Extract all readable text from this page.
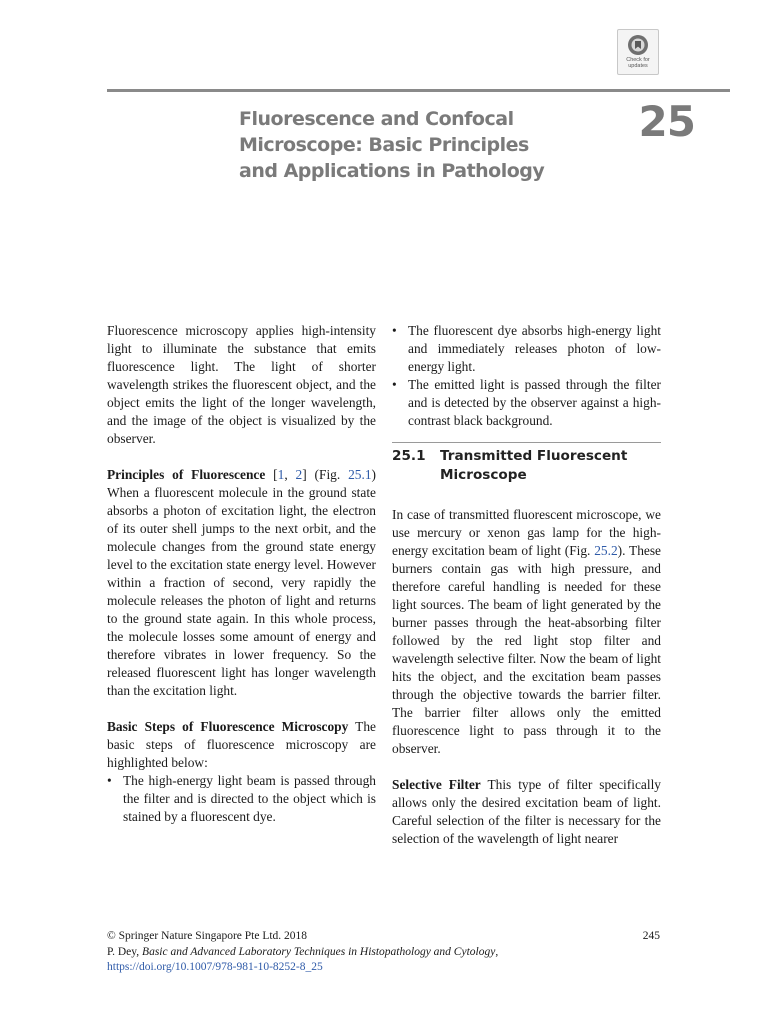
Check for
updates
Fluorescence and Confocal
Microscope: Basic Principles
and Applications in Pathology
25

Fluorescence microscopy applies high-intensity light to illuminate the substance that emits fluorescence light. The light of shorter wavelength strikes the fluorescent object, and the object emits the light of the longer wavelength, and the image of the object is visualized by the observer.

Principles of Fluorescence [1, 2] (Fig. 25.1) When a fluorescent molecule in the ground state absorbs a photon of excitation light, the electron of its outer shell jumps to the next orbit, and the molecule changes from the ground state energy level to the excitation state energy level. However within a fraction of second, very rapidly the molecule releases the photon of light and returns to the ground state again. In this whole process, the molecule losses some amount of energy and therefore vibrates in lower frequency. So the released fluorescent light has longer wavelength than the excitation light.

Basic Steps of Fluorescence Microscopy The basic steps of fluorescence microscopy are highlighted below:

• The high-energy light beam is passed through the filter and is directed to the object which is stained by a fluorescent dye.
• The fluorescent dye absorbs high-energy light and immediately releases photon of low-energy light.
• The emitted light is passed through the filter and is detected by the observer against a high-contrast black background.
25.1	Transmitted Fluorescent
Microscope

In case of transmitted fluorescent microscope, we use mercury or xenon gas lamp for the high-energy excitation beam of light (Fig. 25.2). These burners contain gas with high pressure, and therefore careful handling is needed for these light sources. The beam of light generated by the burner passes through the heat-absorbing filter followed by the red light stop filter and wavelength selective filter. Now the beam of light hits the object, and the excitation beam passes through the objective towards the barrier filter. The barrier filter allows only the emitted fluorescence light to pass through it to the observer.

Selective Filter This type of filter specifically allows only the desired excitation beam of light. Careful selection of the filter is necessary for the selection of the wavelength of light nearer

© Springer Nature Singapore Pte Ltd. 2018
P. Dey, Basic and Advanced Laboratory Techniques in Histopathology and Cytology,
https://doi.org/10.1007/978-981-10-8252-8_25
245
